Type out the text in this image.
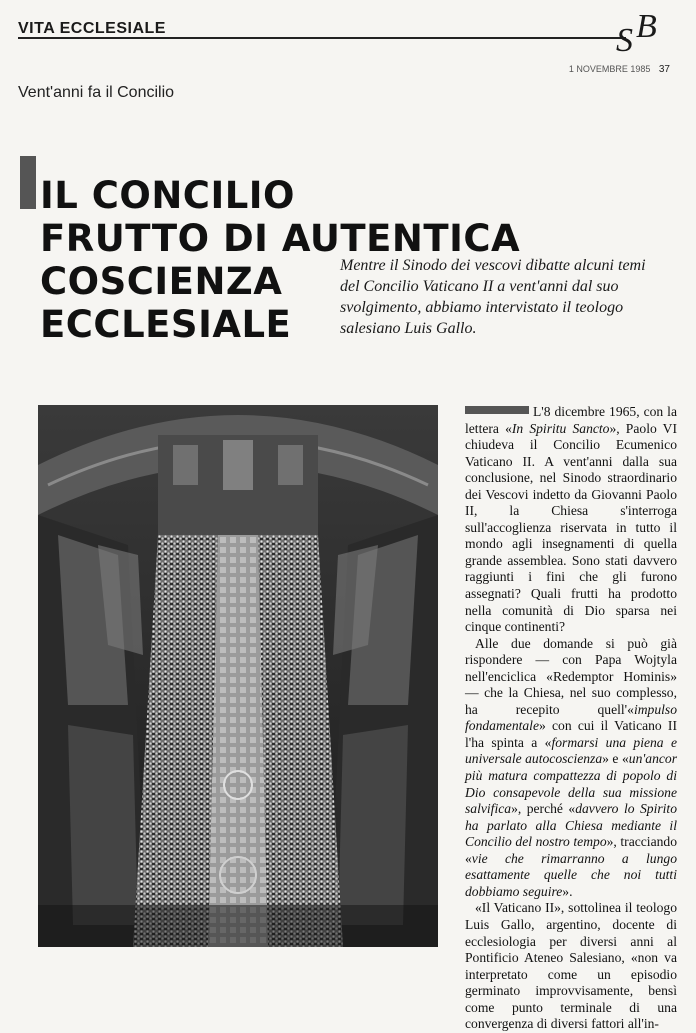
VITA ECCLESIALE	S B
1 NOVEMBRE 1985 37
Vent'anni fa il Concilio
IL CONCILIO
FRUTTO DI AUTENTICA
COSCIENZA
ECCLESIALE
Mentre il Sinodo dei vescovi dibatte alcuni temi del Concilio Vaticano II a vent'anni dal suo svolgimento, abbiamo intervistato il teologo salesiano Luis Gallo.

L'8 dicembre 1965, con la lettera «In Spiritu Sancto», Paolo VI chiudeva il Concilio Ecumenico Vaticano II. A vent'anni dalla sua conclusione, nel Sinodo straordinario dei Vescovi indetto da Giovanni Paolo II, la Chiesa s'interroga sull'accoglienza riservata in tutto il mondo agli insegnamenti di quella grande assemblea. Sono stati davvero raggiunti i fini che gli furono assegnati? Quali frutti ha prodotto nella comunità di Dio sparsa nei cinque continenti?

Alle due domande si può già rispondere — con Papa Wojtyla nell'enciclica «Redemptor Hominis» — che la Chiesa, nel suo complesso, ha recepito quell'«impulso fondamentale» con cui il Vaticano II l'ha spinta a «formarsi una piena e universale autocoscienza» e «un'ancor più matura compattezza di popolo di Dio consapevole della sua missione salvifica», perché «davvero lo Spirito ha parlato alla Chiesa mediante il Concilio del nostro tempo», tracciando «vie che rimarranno a lungo esattamente quelle che noi tutti dobbiamo seguire».

«Il Vaticano II», sottolinea il teologo Luis Gallo, argentino, docente di ecclesiologia per diversi anni al Pontificio Ateneo Salesiano, «non va interpretato come un episodio germinato improvvisamente, bensì come punto terminale di una convergenza di diversi fattori all'in-
